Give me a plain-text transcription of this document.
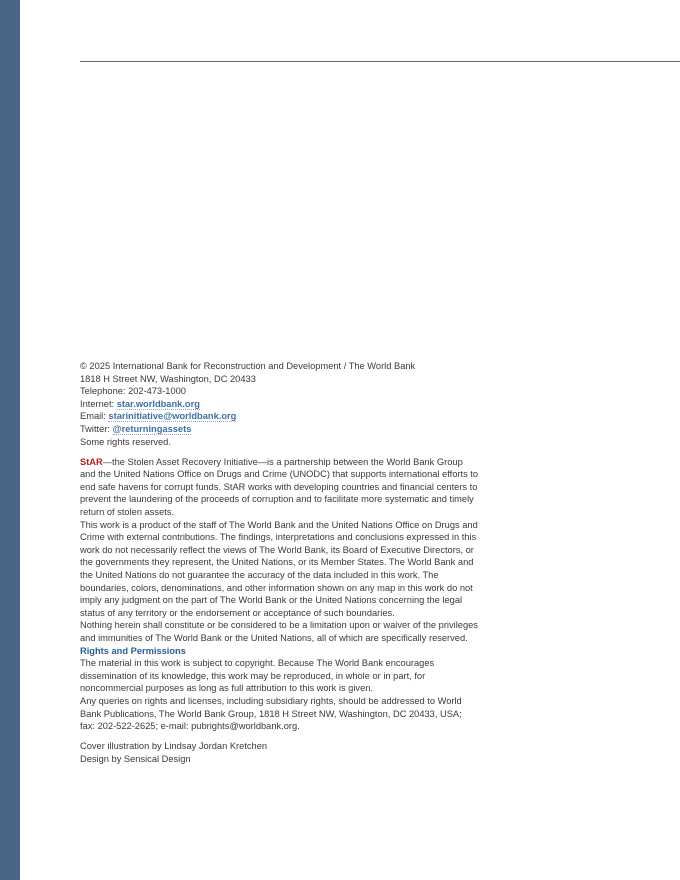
© 2025 International Bank for Reconstruction and Development / The World Bank

1818 H Street NW, Washington, DC 20433

Telephone: 202-473-1000

Internet: star.worldbank.org

Email: starinitiative@worldbank.org

Twitter: @returningassets

Some rights reserved.

StAR—the Stolen Asset Recovery Initiative—is a partnership between the World Bank Group and the United Nations Office on Drugs and Crime (UNODC) that supports international efforts to end safe havens for corrupt funds. StAR works with developing countries and financial centers to prevent the laundering of the proceeds of corruption and to facilitate more systematic and timely return of stolen assets.

This work is a product of the staff of The World Bank and the United Nations Office on Drugs and Crime with external contributions. The findings, interpretations and conclusions expressed in this work do not necessarily reflect the views of The World Bank, its Board of Executive Directors, or the governments they represent, the United Nations, or its Member States. The World Bank and the United Nations do not guarantee the accuracy of the data included in this work. The boundaries, colors, denominations, and other information shown on any map in this work do not imply any judgment on the part of The World Bank or the United Nations concerning the legal status of any territory or the endorsement or acceptance of such boundaries.

Nothing herein shall constitute or be considered to be a limitation upon or waiver of the privileges and immunities of The World Bank or the United Nations, all of which are specifically reserved.

Rights and Permissions

The material in this work is subject to copyright. Because The World Bank encourages dissemination of its knowledge, this work may be reproduced, in whole or in part, for noncommercial purposes as long as full attribution to this work is given.

Any queries on rights and licenses, including subsidiary rights, should be addressed to World Bank Publications, The World Bank Group, 1818 H Street NW, Washington, DC 20433, USA;

fax: 202-522-2625; e-mail: pubrights@worldbank.org.

Cover illustration by Lindsay Jordan Kretchen

Design by Sensical Design
